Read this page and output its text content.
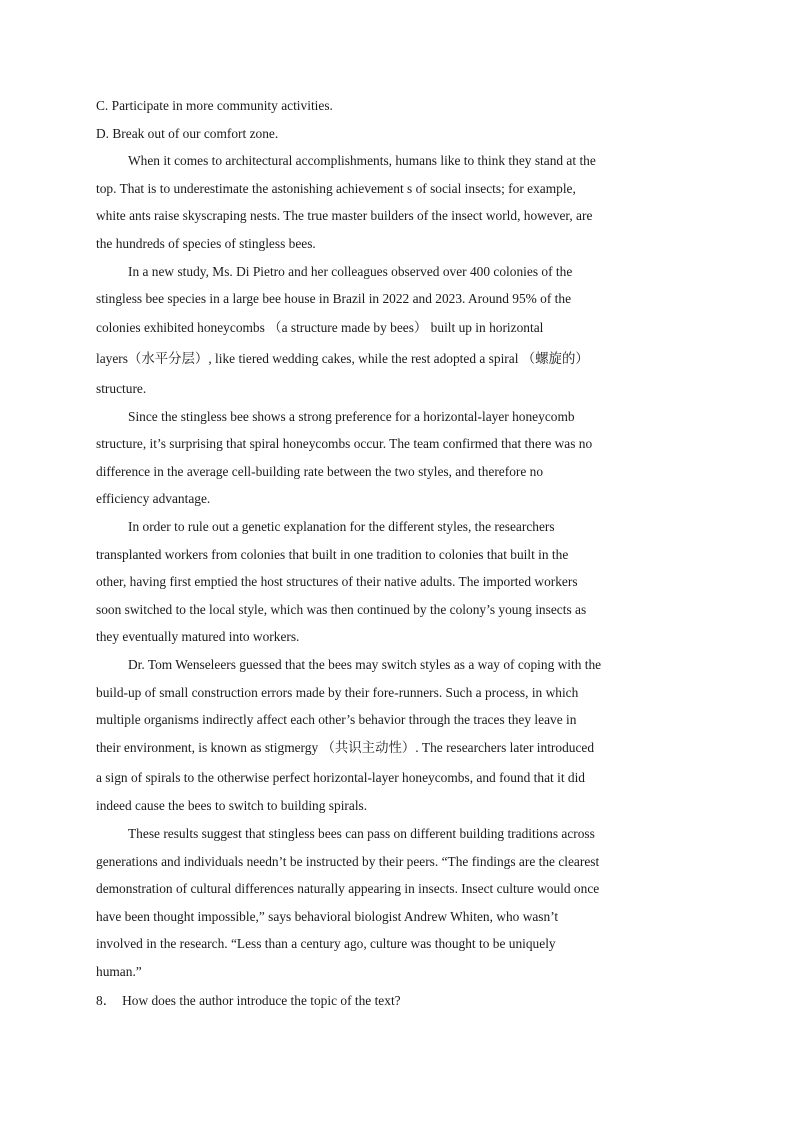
C. Participate in more community activities.
D. Break out of our comfort zone.
When it comes to architectural accomplishments, humans like to think they stand at the
top. That is to underestimate the astonishing achievement s of social insects; for example,
white ants raise skyscraping nests. The true master builders of the insect world, however, are
the hundreds of species of stingless bees.
In a new study, Ms. Di Pietro and her colleagues observed over 400 colonies of the
stingless bee species in a large bee house in Brazil in 2022 and 2023. Around 95% of the
colonies exhibited honeycombs （a structure made by bees） built up in horizontal
layers（水平分层）, like tiered wedding cakes, while the rest adopted a spiral （螺旋的）
structure.
Since the stingless bee shows a strong preference for a horizontal-layer honeycomb
structure, it’s surprising that spiral honeycombs occur. The team confirmed that there was no
difference in the average cell-building rate between the two styles, and therefore no
efficiency advantage.
In order to rule out a genetic explanation for the different styles, the researchers
transplanted workers from colonies that built in one tradition to colonies that built in the
other, having first emptied the host structures of their native adults. The imported workers
soon switched to the local style, which was then continued by the colony’s young insects as
they eventually matured into workers.
Dr. Tom Wenseleers guessed that the bees may switch styles as a way of coping with the
build-up of small construction errors made by their fore-runners. Such a process, in which
multiple organisms indirectly affect each other’s behavior through the traces they leave in
their environment, is known as stigmergy （共识主动性）. The researchers later introduced
a sign of spirals to the otherwise perfect horizontal-layer honeycombs, and found that it did
indeed cause the bees to switch to building spirals.
These results suggest that stingless bees can pass on different building traditions across
generations and individuals needn’t be instructed by their peers. “The findings are the clearest
demonstration of cultural differences naturally appearing in insects. Insect culture would once
have been thought impossible,” says behavioral biologist Andrew Whiten, who wasn’t
involved in the research. “Less than a century ago, culture was thought to be uniquely
human.”
8． How does the author introduce the topic of the text?
